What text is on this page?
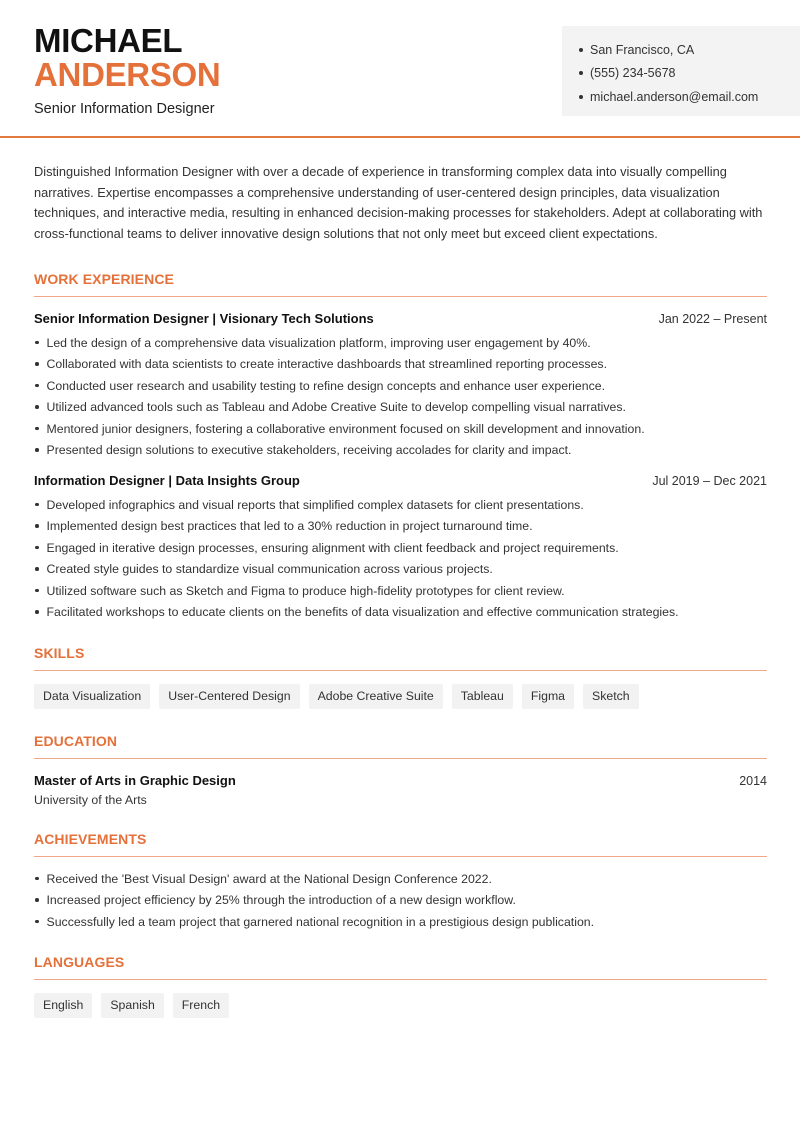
MICHAEL
ANDERSON
Senior Information Designer
San Francisco, CA
(555) 234-5678
michael.anderson@email.com

Distinguished Information Designer with over a decade of experience in transforming complex data into visually compelling narratives. Expertise encompasses a comprehensive understanding of user-centered design principles, data visualization techniques, and interactive media, resulting in enhanced decision-making processes for stakeholders. Adept at collaborating with cross-functional teams to deliver innovative design solutions that not only meet but exceed client expectations.

WORK EXPERIENCE
Senior Information Designer | Visionary Tech Solutions	Jan 2022 – Present
Led the design of a comprehensive data visualization platform, improving user engagement by 40%.
Collaborated with data scientists to create interactive dashboards that streamlined reporting processes.
Conducted user research and usability testing to refine design concepts and enhance user experience.
Utilized advanced tools such as Tableau and Adobe Creative Suite to develop compelling visual narratives.
Mentored junior designers, fostering a collaborative environment focused on skill development and innovation.
Presented design solutions to executive stakeholders, receiving accolades for clarity and impact.
Information Designer | Data Insights Group	Jul 2019 – Dec 2021
Developed infographics and visual reports that simplified complex datasets for client presentations.
Implemented design best practices that led to a 30% reduction in project turnaround time.
Engaged in iterative design processes, ensuring alignment with client feedback and project requirements.
Created style guides to standardize visual communication across various projects.
Utilized software such as Sketch and Figma to produce high-fidelity prototypes for client review.
Facilitated workshops to educate clients on the benefits of data visualization and effective communication strategies.
SKILLS
Data Visualization	User-Centered Design	Adobe Creative Suite	Tableau	Figma	Sketch
EDUCATION
Master of Arts in Graphic Design	2014
University of the Arts
ACHIEVEMENTS
Received the 'Best Visual Design' award at the National Design Conference 2022.
Increased project efficiency by 25% through the introduction of a new design workflow.
Successfully led a team project that garnered national recognition in a prestigious design publication.
LANGUAGES
English	Spanish	French
